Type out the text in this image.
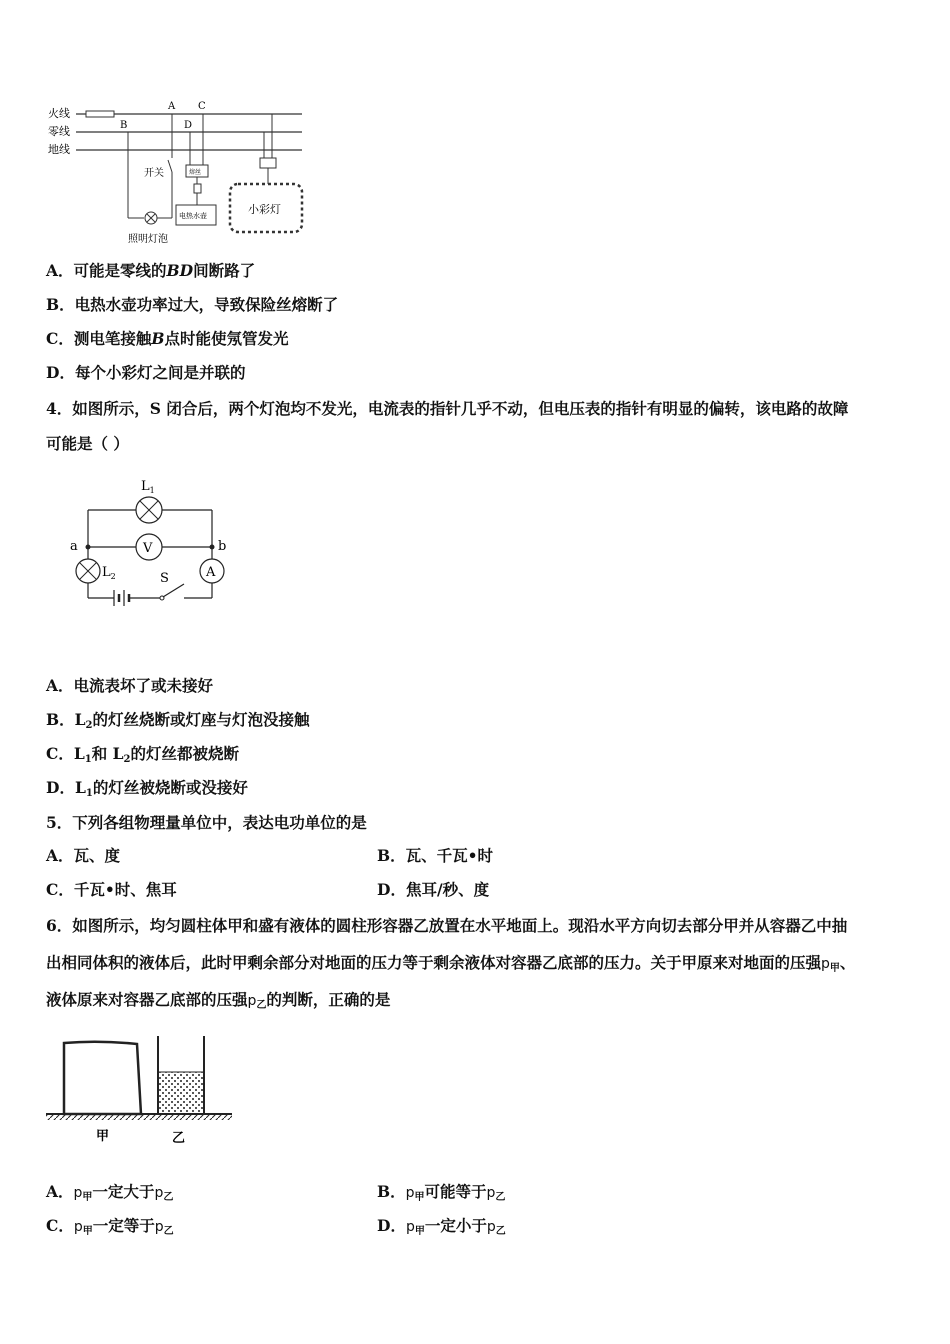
火线
零线
地线
A C
B	D
开关
照明灯泡
熔丝
电热水壶	小彩灯
A．可能是零线的BD间断路了
B．电热水壶功率过大，导致保险丝熔断了
C．测电笔接触B点时能使氖管发光
D．每个小彩灯之间是并联的
4．如图所示，S 闭合后，两个灯泡均不发光，电流表的指针几乎不动，但电压表的指针有明显的偏转，该电路的故障
可能是（ ）
$L_1$
V
a	b
$L_2$	A
S
A．电流表坏了或未接好
B．$L_2$的灯丝烧断或灯座与灯泡没接触
C．$L_1$和 $L_2$的灯丝都被烧断
D．$L_1$的灯丝被烧断或没接好
5．下列各组物理量单位中，表达电功单位的是
A．瓦、度	B．瓦、千瓦•时
C．千瓦•时、焦耳	D．焦耳/秒、度
6．如图所示，均匀圆柱体甲和盛有液体的圆柱形容器乙放置在水平地面上。现沿水平方向切去部分甲并从容器乙中抽
出相同体积的液体后，此时甲剩余部分对地面的压力等于剩余液体对容器乙底部的压力。关于甲原来对地面的压强$p_甲$、
液体原来对容器乙底部的压强$p_乙$的判断，正确的是
甲	乙
A．$p_甲$一定大于$p_乙$	B．$p_甲$可能等于$p_乙$
C．$p_甲$一定等于$p_乙$	D．$p_甲$一定小于$p_乙$
